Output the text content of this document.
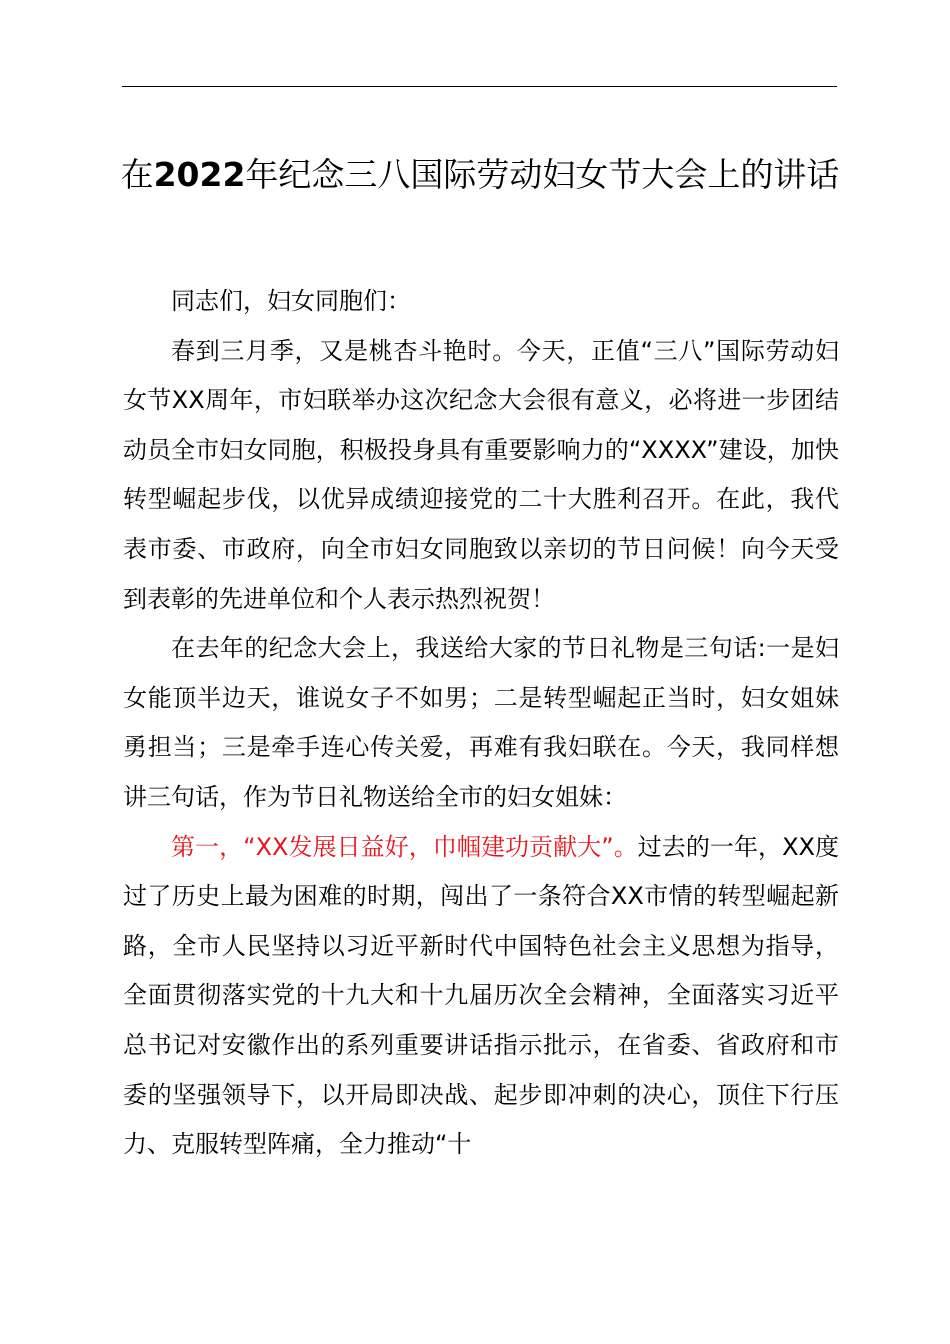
在2022年纪念三八国际劳动妇女节大会上的讲话

同志们，妇女同胞们：

春到三月季，又是桃杏斗艳时。今天，正值“三八”国际劳动妇女节XX周年，市妇联举办这次纪念大会很有意义，必将进一步团结动员全市妇女同胞，积极投身具有重要影响力的“XXXX”建设，加快转型崛起步伐，以优异成绩迎接党的二十大胜利召开。在此，我代表市委、市政府，向全市妇女同胞致以亲切的节日问候！向今天受到表彰的先进单位和个人表示热烈祝贺！

在去年的纪念大会上，我送给大家的节日礼物是三句话:一是妇女能顶半边天，谁说女子不如男；二是转型崛起正当时，妇女姐妹勇担当；三是牵手连心传关爱，再难有我妇联在。今天，我同样想讲三句话，作为节日礼物送给全市的妇女姐妹：

第一，“XX发展日益好，巾帼建功贡献大”。过去的一年，XX度过了历史上最为困难的时期，闯出了一条符合XX市情的转型崛起新路，全市人民坚持以习近平新时代中国特色社会主义思想为指导，全面贯彻落实党的十九大和十九届历次全会精神，全面落实习近平总书记对安徽作出的系列重要讲话指示批示，在省委、省政府和市委的坚强领导下，以开局即决战、起步即冲刺的决心，顶住下行压力、克服转型阵痛，全力推动“十
